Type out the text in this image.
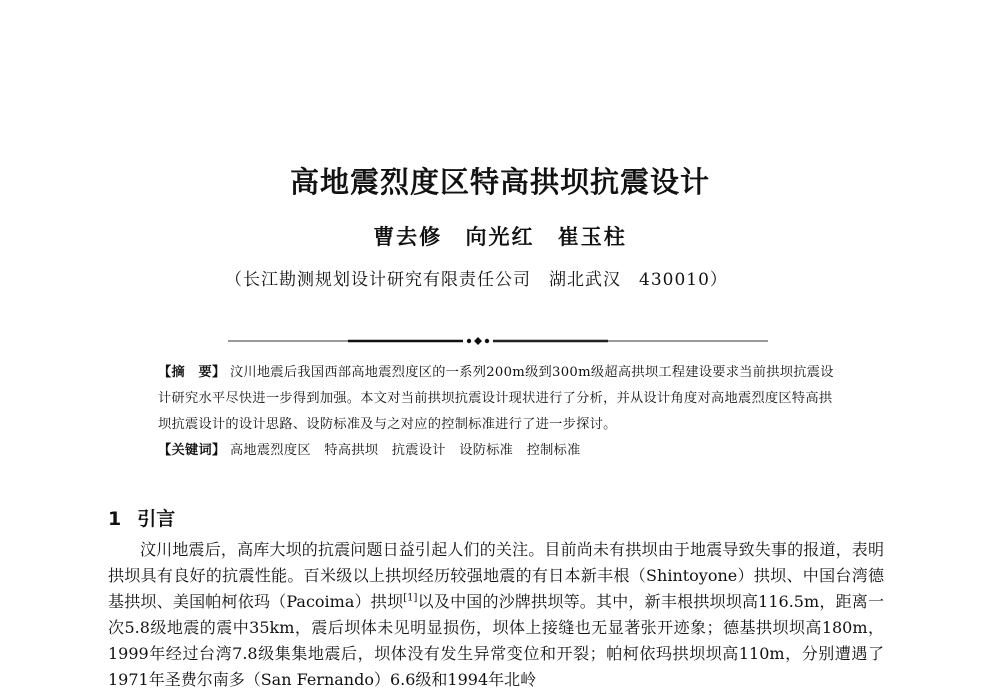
高地震烈度区特高拱坝抗震设计
曹去修 向光红 崔玉柱
（长江勘测规划设计研究有限责任公司　湖北武汉　430010）

【摘　要】 汶川地震后我国西部高地震烈度区的一系列200m级到300m级超高拱坝工程建设要求当前拱坝抗震设计研究水平尽快进一步得到加强。本文对当前拱坝抗震设计现状进行了分析，并从设计角度对高地震烈度区特高拱坝抗震设计的设计思路、设防标准及与之对应的控制标准进行了进一步探讨。

【关键词】 高地震烈度区　特高拱坝　抗震设计　设防标准　控制标准

1 引言

汶川地震后，高库大坝的抗震问题日益引起人们的关注。目前尚未有拱坝由于地震导致失事的报道，表明拱坝具有良好的抗震性能。百米级以上拱坝经历较强地震的有日本新丰根（Shintoyone）拱坝、中国台湾德基拱坝、美国帕柯依玛（Pacoima）拱坝[1]以及中国的沙牌拱坝等。其中，新丰根拱坝坝高116.5m，距离一次5.8级地震的震中35km，震后坝体未见明显损伤，坝体上接缝也无显著张开迹象；德基拱坝坝高180m，1999年经过台湾7.8级集集地震后，坝体没有发生异常变位和开裂；帕柯依玛拱坝坝高110m，分别遭遇了1971年圣费尔南多（San Fernando）6.6级和1994年北岭
